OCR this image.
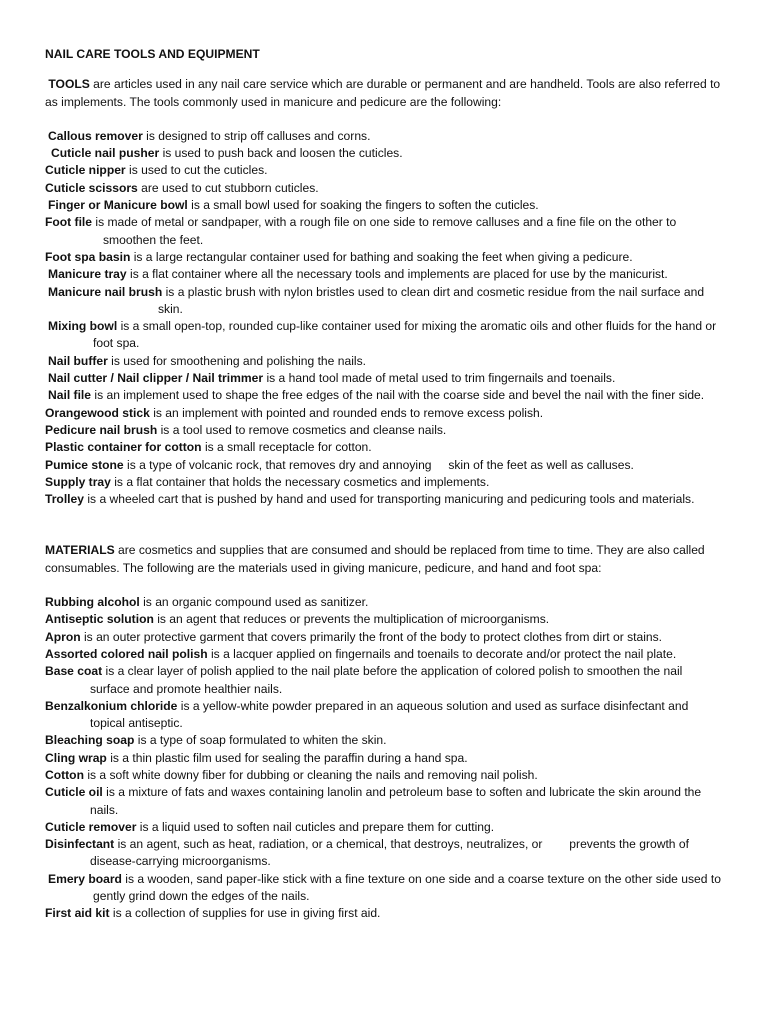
NAIL CARE TOOLS AND EQUIPMENT
TOOLS are articles used in any nail care service which are durable or permanent and are handheld. Tools are also referred to as implements. The tools commonly used in manicure and pedicure are the following:
Callous remover is designed to strip off calluses and corns.
Cuticle nail pusher is used to push back and loosen the cuticles.
Cuticle nipper is used to cut the cuticles.
Cuticle scissors are used to cut stubborn cuticles.
Finger or Manicure bowl is a small bowl used for soaking the fingers to soften the cuticles.
Foot file is made of metal or sandpaper, with a rough file on one side to remove calluses and a fine file on the other to smoothen the feet.
Foot spa basin is a large rectangular container used for bathing and soaking the feet when giving a pedicure.
Manicure tray is a flat container where all the necessary tools and implements are placed for use by the manicurist.
Manicure nail brush is a plastic brush with nylon bristles used to clean dirt and cosmetic residue from the nail surface and skin.
Mixing bowl is a small open-top, rounded cup-like container used for mixing the aromatic oils and other fluids for the hand or foot spa.
Nail buffer is used for smoothening and polishing the nails.
Nail cutter / Nail clipper / Nail trimmer is a hand tool made of metal used to trim fingernails and toenails.
Nail file is an implement used to shape the free edges of the nail with the coarse side and bevel the nail with the finer side.
Orangewood stick is an implement with pointed and rounded ends to remove excess polish.
Pedicure nail brush is a tool used to remove cosmetics and cleanse nails.
Plastic container for cotton is a small receptacle for cotton.
Pumice stone is a type of volcanic rock, that removes dry and annoying     skin of the feet as well as calluses.
Supply tray is a flat container that holds the necessary cosmetics and implements.
Trolley is a wheeled cart that is pushed by hand and used for transporting manicuring and pedicuring tools and materials.
MATERIALS are cosmetics and supplies that are consumed and should be replaced from time to time. They are also called consumables. The following are the materials used in giving manicure, pedicure, and hand and foot spa:
Rubbing alcohol is an organic compound used as sanitizer.
Antiseptic solution is an agent that reduces or prevents the multiplication of microorganisms.
Apron is an outer protective garment that covers primarily the front of the body to protect clothes from dirt or stains.
Assorted colored nail polish is a lacquer applied on fingernails and toenails to decorate and/or protect the nail plate.
Base coat is a clear layer of polish applied to the nail plate before the application of colored polish to smoothen the nail surface and promote healthier nails.
Benzalkonium chloride is a yellow-white powder prepared in an aqueous solution and used as surface disinfectant and topical antiseptic.
Bleaching soap is a type of soap formulated to whiten the skin.
Cling wrap is a thin plastic film used for sealing the paraffin during a hand spa.
Cotton is a soft white downy fiber for dubbing or cleaning the nails and removing nail polish.
Cuticle oil is a mixture of fats and waxes containing lanolin and petroleum base to soften and lubricate the skin around the nails.
Cuticle remover is a liquid used to soften nail cuticles and prepare them for cutting.
Disinfectant is an agent, such as heat, radiation, or a chemical, that destroys, neutralizes, or        prevents the growth of disease-carrying microorganisms.
Emery board is a wooden, sand paper-like stick with a fine texture on one side and a coarse texture on the other side used to gently grind down the edges of the nails.
First aid kit is a collection of supplies for use in giving first aid.
